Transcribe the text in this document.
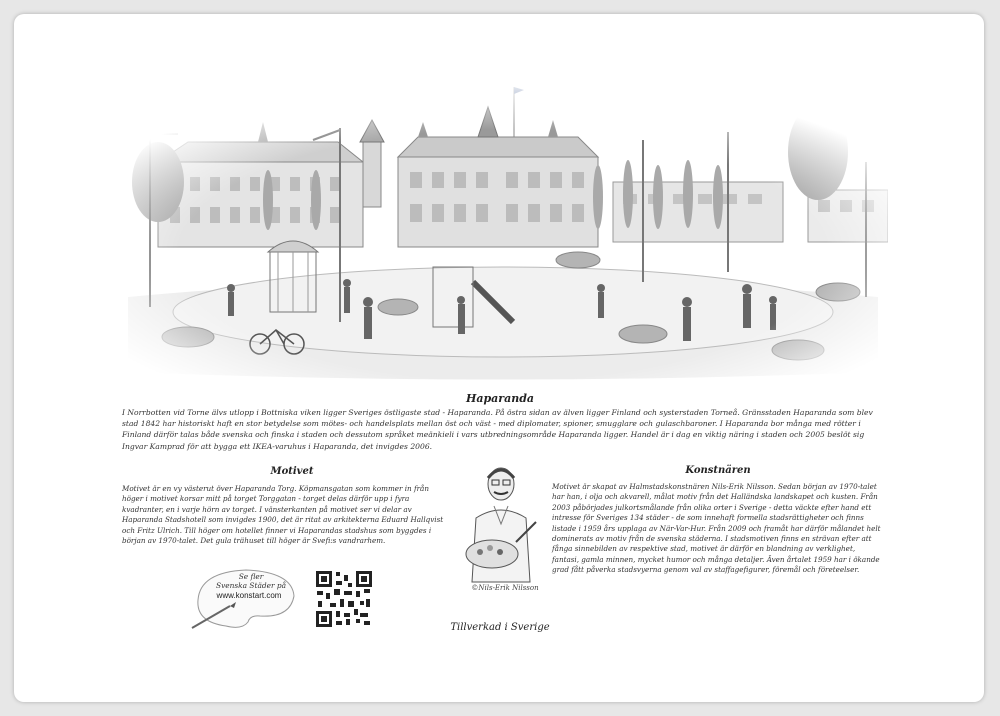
Haparanda
I Norrbotten vid Torne älvs utlopp i Bottniska viken ligger Sveriges östligaste stad - Haparanda. På östra sidan av älven ligger Finland och systerstaden Torneå. Gränsstaden Haparanda som blev stad 1842 har historiskt haft en stor betydelse som mötes- och handelsplats mellan öst och väst - med diplomater, spioner, smugglare och gulaschbaroner. I Haparanda bor många med rötter i Finland därför talas både svenska och finska i staden och dessutom språket meänkieli i vars utbredningsområde Haparanda ligger. Handel är i dag en viktig näring i staden och 2005 beslöt sig Ingvar Kamprad för att bygga ett IKEA-varuhus i Haparanda, det invigdes 2006.
Motivet
Motivet är en vy västerut över Haparanda Torg. Köpmansgatan som kommer in från höger i motivet korsar mitt på torget Torggatan - torget delas därför upp i fyra kvadranter, en i varje hörn av torget. I vänsterkanten på motivet ser vi delar av Haparanda Stadshotell som invigdes 1900, det är ritat av arkitekterna Eduard Hallqvist och Fritz Ulrich. Till höger om hotellet finner vi Haparandas stadshus som byggdes i början av 1970-talet. Det gula trähuset till höger är Svefi:s vandrarhem.
Konstnären
Motivet är skapat av Halmstadskonstnären Nils-Erik Nilsson. Sedan början av 1970-talet har han, i olja och akvarell, målat motiv från det Halländska landskapet och kusten. Från 2003 påbörjades julkortsmålande från olika orter i Sverige - detta väckte efter hand ett intresse för Sveriges 134 städer - de som innehaft formella stadsrättigheter och finns listade i 1959 års upplaga av När-Var-Hur. Från 2009 och framåt har därför målandet helt dominerats av motiv från de svenska städerna. I stadsmotiven finns en strävan efter att fånga sinnebilden av respektive stad, motivet är därför en blandning av verklighet, fantasi, gamla minnen, mycket humor och många detaljer. Även årtalet 1959 har i ökande grad fått påverka stadsvyerna genom val av staffagefigurer, föremål och företeelser.
Se fler
Svenska Städer på
www.konstart.com
©Nils-Erik Nilsson
Tillverkad i Sverige
